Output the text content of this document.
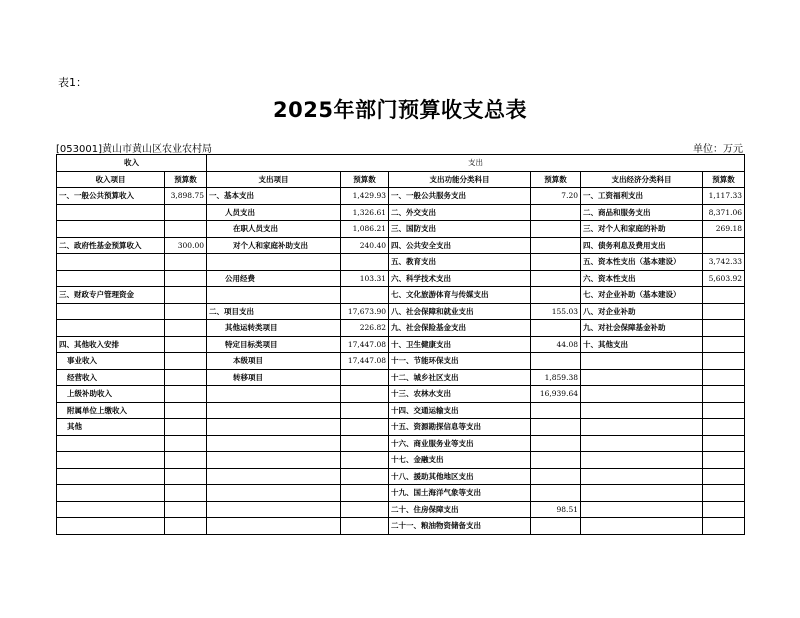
表1：
2025年部门预算收支总表
[053001]黄山市黄山区农业农村局	单位：万元
收入		支出					
收入项目	预算数	支出项目	预算数	支出功能分类科目	预算数	支出经济分类科目	预算数
一、一般公共预算收入	3,898.75	一、基本支出	1,429.93	一、一般公共服务支出	7.20	一、工资福利支出	1,117.33
		人员支出	1,326.61	二、外交支出		二、商品和服务支出	8,371.06
		在职人员支出	1,086.21	三、国防支出		三、对个人和家庭的补助	269.18
二、政府性基金预算收入	300.00	对个人和家庭补助支出	240.40	四、公共安全支出		四、债务利息及费用支出	
				五、教育支出		五、资本性支出（基本建设）	3,742.33
		公用经费	103.31	六、科学技术支出		六、资本性支出	5,603.92
三、财政专户管理资金				七、文化旅游体育与传媒支出		七、对企业补助（基本建设）	
		二、项目支出	17,673.90	八、社会保障和就业支出	155.03	八、对企业补助	
		其他运转类项目	226.82	九、社会保险基金支出		九、对社会保障基金补助	
四、其他收入安排		特定目标类项目	17,447.08	十、卫生健康支出	44.08	十、其他支出	
事业收入		本级项目	17,447.08	十一、节能环保支出			
经营收入		转移项目		十二、城乡社区支出	1,859.38		
上级补助收入				十三、农林水支出	16,939.64		
附属单位上缴收入				十四、交通运输支出			
其他				十五、资源勘探信息等支出			
				十六、商业服务业等支出			
				十七、金融支出			
				十八、援助其他地区支出			
				十九、国土海洋气象等支出			
				二十、住房保障支出	98.51		
				二十一、粮油物资储备支出			
